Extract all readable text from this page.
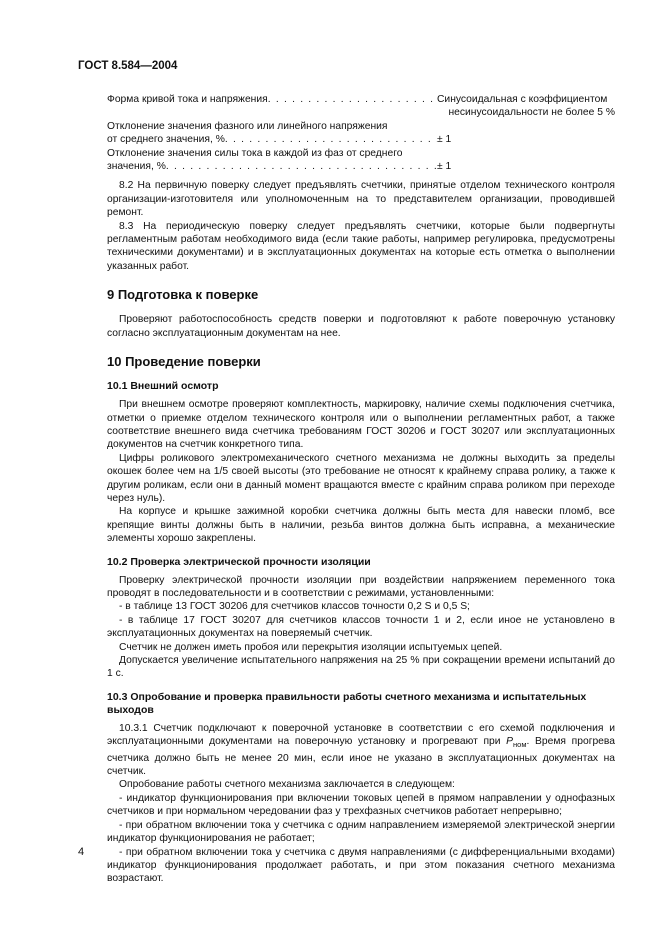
ГОСТ 8.584—2004
Форма кривой тока и напряжения . . .	Синусоидальная с коэффициентом
несинусоидальности не более 5 %
Отклонение значения фазного или линейного напряжения
от среднего значения, % . . .	± 1
Отклонение значения силы тока в каждой из фаз от среднего
значения, % . . .	± 1

8.2 На первичную поверку следует предъявлять счетчики, принятые отделом технического контроля организации-изготовителя или уполномоченным на то представителем организации, проводившей ремонт.

8.3 На периодическую поверку следует предъявлять счетчики, которые были подвергнуты регламентным работам необходимого вида (если такие работы, например регулировка, предусмотрены техническими документами) и в эксплуатационных документах на которые есть отметка о выполнении указанных работ.

9 Подготовка к поверке

Проверяют работоспособность средств поверки и подготовляют к работе поверочную установку согласно эксплуатационным документам на нее.

10 Проведение поверки
10.1 Внешний осмотр

При внешнем осмотре проверяют комплектность, маркировку, наличие схемы подключения счетчика, отметки о приемке отделом технического контроля или о выполнении регламентных работ, а также соответствие внешнего вида счетчика требованиям ГОСТ 30206 и ГОСТ 30207 или эксплуатационных документов на счетчик конкретного типа.

Цифры роликового электромеханического счетного механизма не должны выходить за пределы окошек более чем на 1/5 своей высоты (это требование не относят к крайнему справа ролику, а также к другим роликам, если они в данный момент вращаются вместе с крайним справа роликом при переходе через нуль).

На корпусе и крышке зажимной коробки счетчика должны быть места для навески пломб, все крепящие винты должны быть в наличии, резьба винтов должна быть исправна, а механические элементы хорошо закреплены.

10.2 Проверка электрической прочности изоляции

Проверку электрической прочности изоляции при воздействии напряжением переменного тока проводят в последовательности и в соответствии с режимами, установленными:

- в таблице 13 ГОСТ 30206 для счетчиков классов точности 0,2 S и 0,5 S;

- в таблице 17 ГОСТ 30207 для счетчиков классов точности 1 и 2, если иное не установлено в эксплуатационных документах на поверяемый счетчик.

Счетчик не должен иметь пробоя или перекрытия изоляции испытуемых цепей.

Допускается увеличение испытательного напряжения на 25 % при сокращении времени испытаний до 1 с.

10.3 Опробование и проверка правильности работы счетного механизма и испытательных выходов

10.3.1 Счетчик подключают к поверочной установке в соответствии с его схемой подключения и эксплуатационными документами на поверочную установку и прогревают при $P_{ном}$. Время прогрева счетчика должно быть не менее 20 мин, если иное не указано в эксплуатационных документах на счетчик.

Опробование работы счетного механизма заключается в следующем:

- индикатор функционирования при включении токовых цепей в прямом направлении у однофазных счетчиков и при нормальном чередовании фаз у трехфазных счетчиков работает непрерывно;

- при обратном включении тока у счетчика с одним направлением измеряемой электрической энергии индикатор функционирования не работает;

- при обратном включении тока у счетчика с двумя направлениями (с дифференциальными входами) индикатор функционирования продолжает работать, и при этом показания счетного механизма возрастают.

4
